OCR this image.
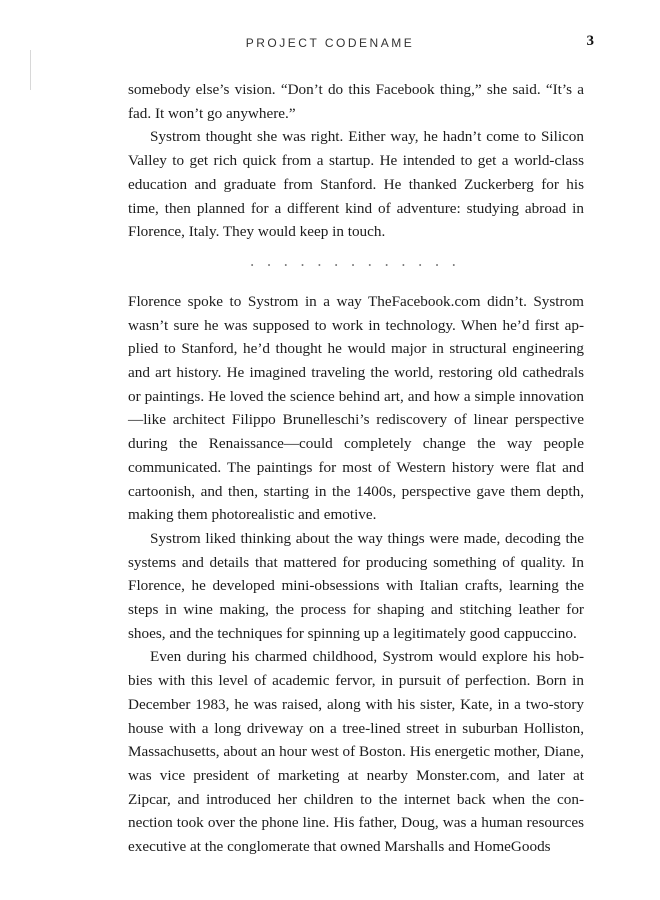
PROJECT CODENAME	3

somebody else’s vision. “Don’t do this Facebook thing,” she said. “It’s a fad. It won’t go anywhere.”

Systrom thought she was right. Either way, he hadn’t come to Silicon Valley to get rich quick from a startup. He intended to get a world-class education and graduate from Stanford. He thanked Zuckerberg for his time, then planned for a different kind of adventure: studying abroad in Florence, Italy. They would keep in touch.

• • • • • • • • • • • • •

Florence spoke to Systrom in a way TheFacebook.com didn’t. Systrom wasn’t sure he was supposed to work in technology. When he’d first applied to Stanford, he’d thought he would major in structural engineering and art history. He imagined traveling the world, restoring old cathedrals or paintings. He loved the science behind art, and how a simple innovation—like architect Filippo Brunelleschi’s rediscovery of linear perspective during the Renaissance—could completely change the way people communicated. The paintings for most of Western history were flat and cartoonish, and then, starting in the 1400s, perspective gave them depth, making them photorealistic and emotive.

Systrom liked thinking about the way things were made, decoding the systems and details that mattered for producing something of quality. In Florence, he developed mini-obsessions with Italian crafts, learning the steps in wine making, the process for shaping and stitching leather for shoes, and the techniques for spinning up a legitimately good cappuccino.

Even during his charmed childhood, Systrom would explore his hobbies with this level of academic fervor, in pursuit of perfection. Born in December 1983, he was raised, along with his sister, Kate, in a two-story house with a long driveway on a tree-lined street in suburban Holliston, Massachusetts, about an hour west of Boston. His energetic mother, Diane, was vice president of marketing at nearby Monster.com, and later at Zipcar, and introduced her children to the internet back when the connection took over the phone line. His father, Doug, was a human resources executive at the conglomerate that owned Marshalls and HomeGoods
